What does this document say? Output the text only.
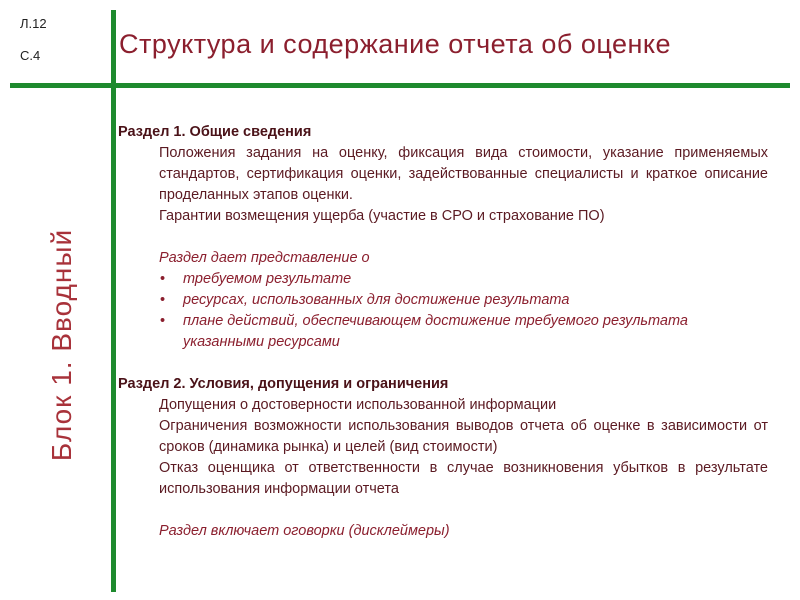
Л.12
С.4
Блок 1. Вводный
Структура и содержание отчета об оценке
Раздел 1. Общие сведения
Положения задания на оценку, фиксация вида стоимости, указание применяемых стандартов, сертификация оценки, задействованные специалисты и краткое описание проделанных этапов оценки.
Гарантии возмещения ущерба (участие в СРО и страхование ПО)
Раздел дает представление о
• требуемом результате
• ресурсах, использованных для достижение результата
• плане действий, обеспечивающем достижение требуемого результата указанными ресурсами
Раздел 2. Условия, допущения и ограничения
Допущения о достоверности использованной информации
Ограничения возможности использования выводов отчета об оценке в зависимости от сроков (динамика рынка) и целей (вид стоимости)
Отказ оценщика от ответственности в случае возникновения убытков в результате использования информации отчета
Раздел включает оговорки (дисклеймеры)
